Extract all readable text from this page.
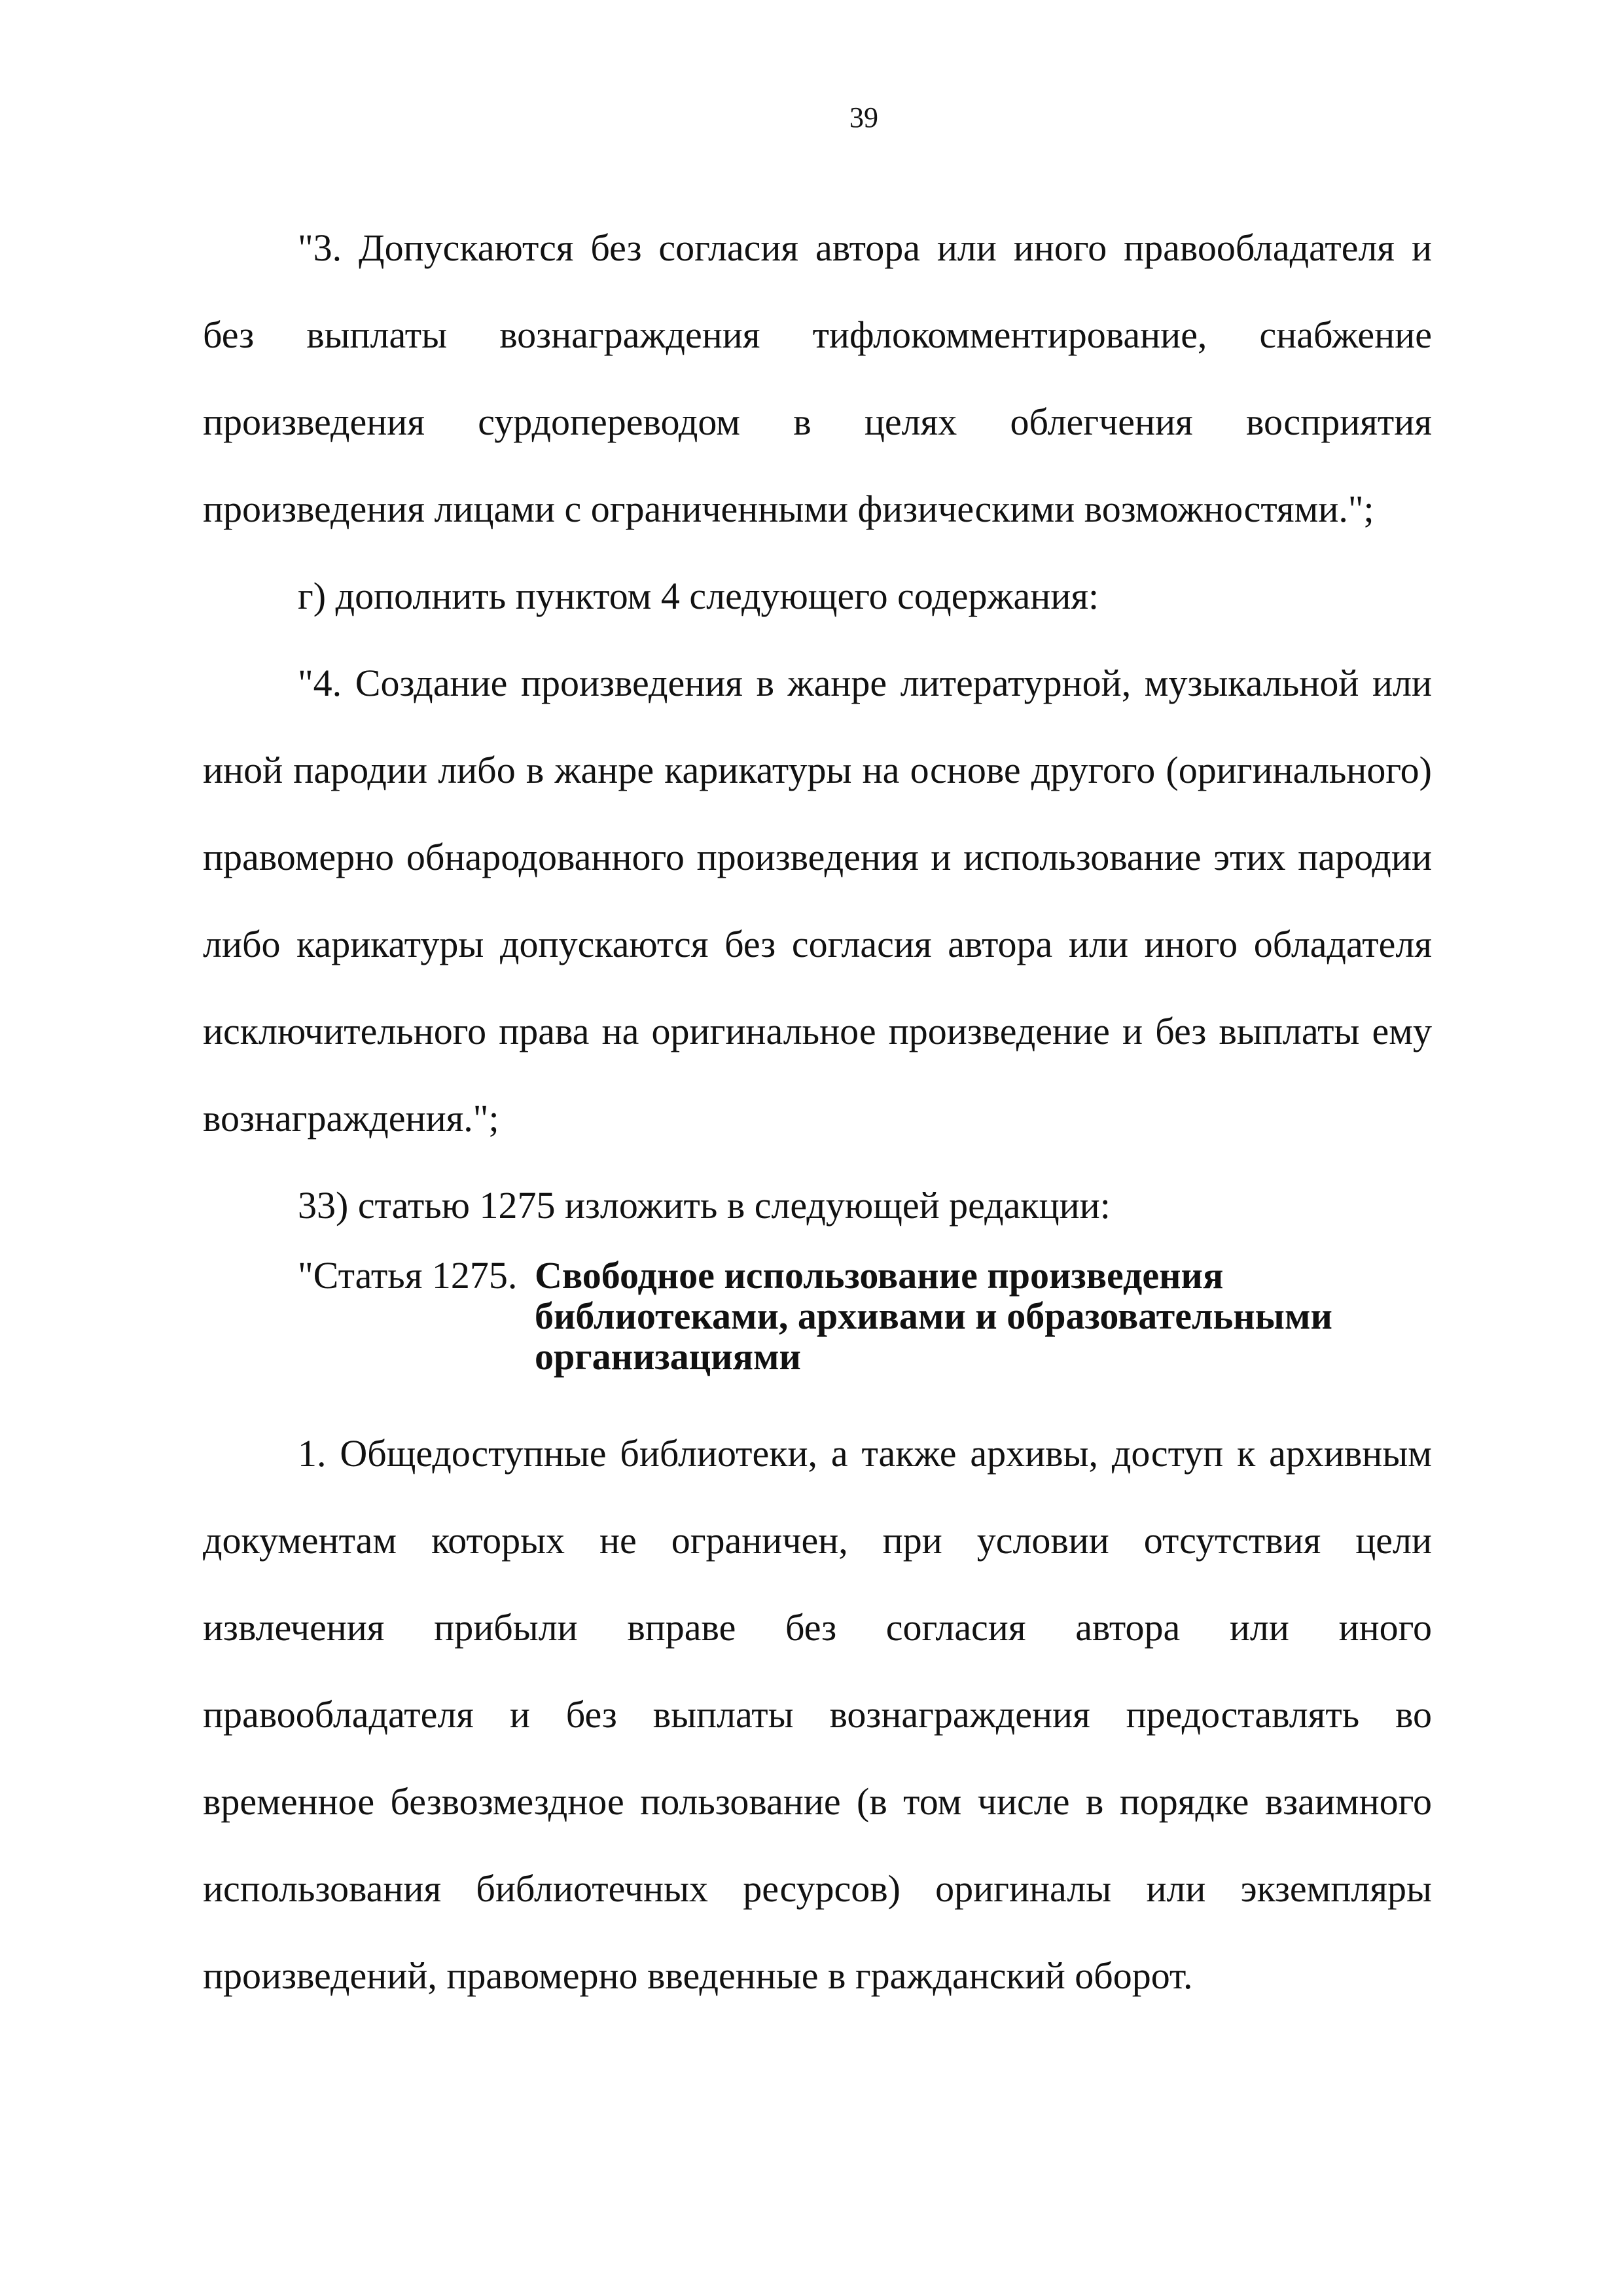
39

"3. Допускаются без согласия автора или иного правообладателя и без выплаты вознаграждения тифлокомментирование, снабжение произведения сурдопереводом в целях облегчения восприятия произведения лицами с ограниченными физическими возможностями.";

г) дополнить пунктом 4 следующего содержания:

"4. Создание произведения в жанре литературной, музыкальной или иной пародии либо в жанре карикатуры на основе другого (оригинального) правомерно обнародованного произведения и использование этих пародии либо карикатуры допускаются без согласия автора или иного обладателя исключительного права на оригинальное произведение и без выплаты ему вознаграждения.";

33) статью 1275 изложить в следующей редакции:

"Статья 1275. Свободное использование произведения библиотеками, архивами и образовательными организациями

1. Общедоступные библиотеки, а также архивы, доступ к архивным документам которых не ограничен, при условии отсутствия цели извлечения прибыли вправе без согласия автора или иного правообладателя и без выплаты вознаграждения предоставлять во временное безвозмездное пользование (в том числе в порядке взаимного использования библиотечных ресурсов) оригиналы или экземпляры произведений, правомерно введенные в гражданский оборот.
